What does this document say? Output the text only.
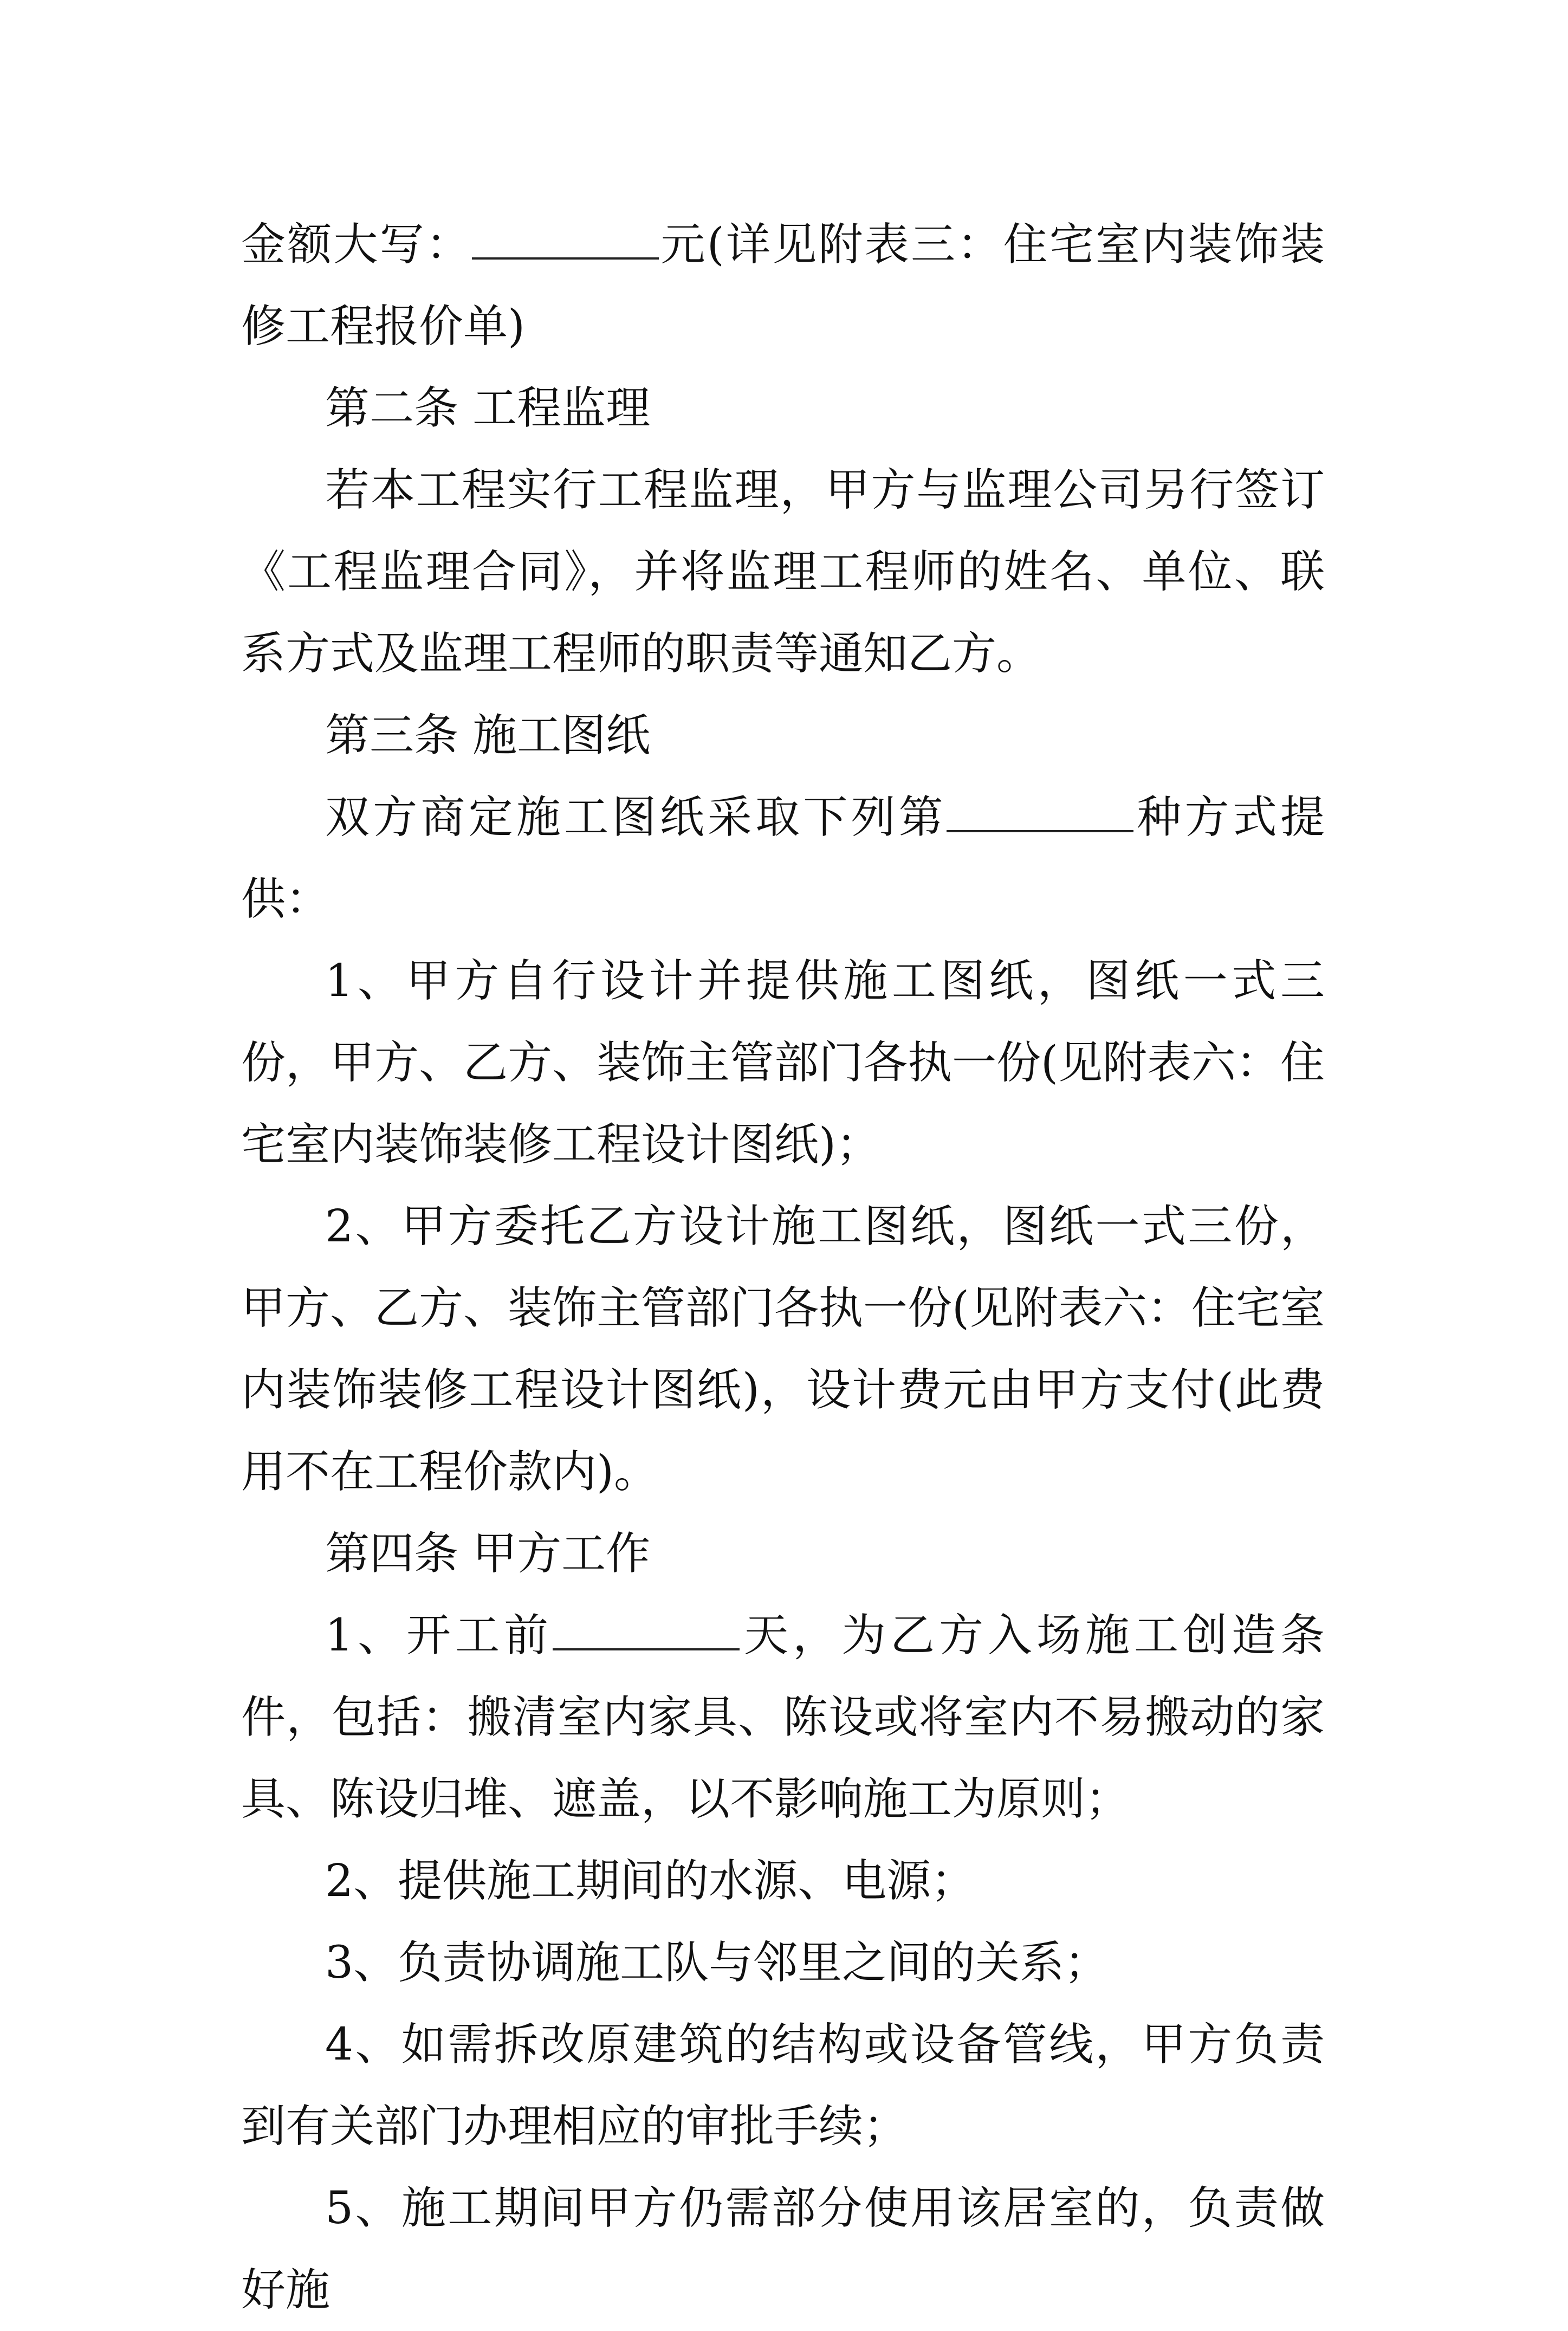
金额大写：	元(详见附表三：住宅室内装饰装修工程报价单)

第二条 工程监理

若本工程实行工程监理，甲方与监理公司另行签订《工程监理合同》，并将监理工程师的姓名、单位、联系方式及监理工程师的职责等通知乙方。

第三条 施工图纸

双方商定施工图纸采取下列第	种方式提供：

1、甲方自行设计并提供施工图纸，图纸一式三份，甲方、乙方、装饰主管部门各执一份(见附表六：住宅室内装饰装修工程设计图纸)；

2、甲方委托乙方设计施工图纸，图纸一式三份，甲方、乙方、装饰主管部门各执一份(见附表六：住宅室内装饰装修工程设计图纸)，设计费元由甲方支付(此费用不在工程价款内)。

第四条 甲方工作

1、开工前	天，为乙方入场施工创造条件，包括：搬清室内家具、陈设或将室内不易搬动的家具、陈设归堆、遮盖，以不影响施工为原则；

2、提供施工期间的水源、电源；

3、负责协调施工队与邻里之间的关系；

4、如需拆改原建筑的结构或设备管线，甲方负责到有关部门办理相应的审批手续；

5、施工期间甲方仍需部分使用该居室的，负责做好施
